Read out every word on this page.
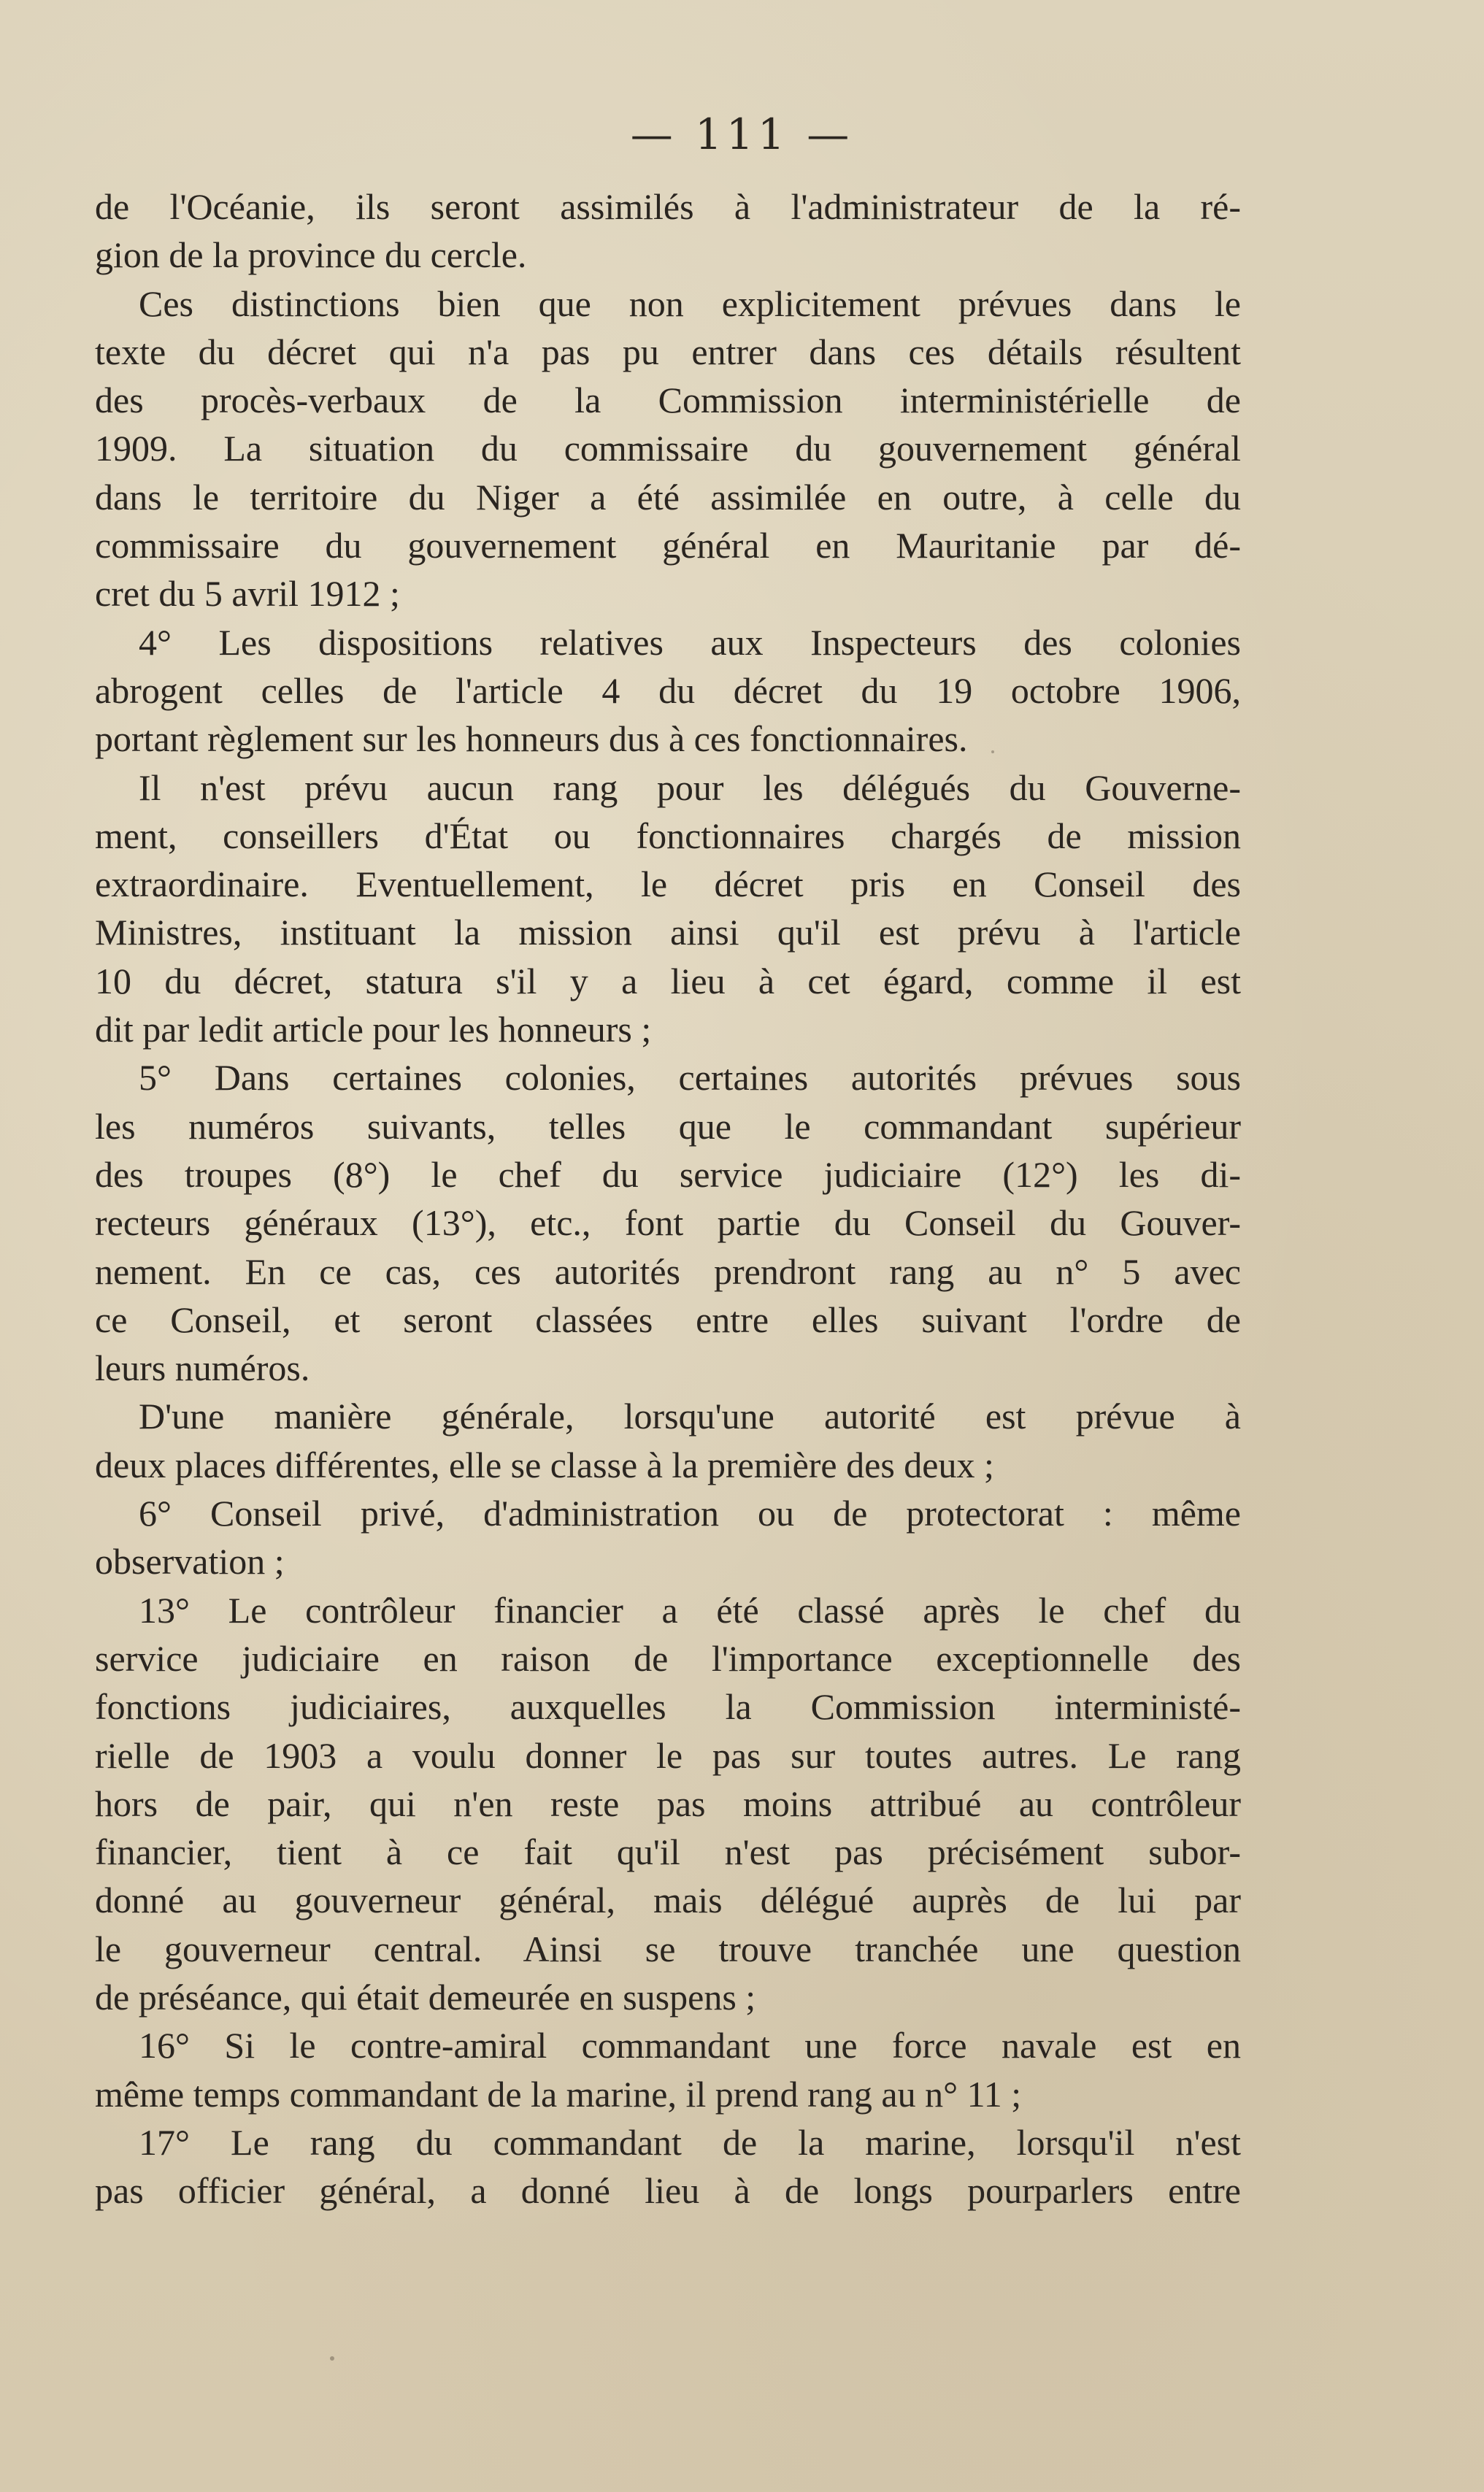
— 111 —
de l'Océanie, ils seront assimilés à l'administrateur de la ré-
gion de la province du cercle.
Ces distinctions bien que non explicitement prévues dans le
texte du décret qui n'a pas pu entrer dans ces détails résultent
des procès-verbaux de la Commission interministérielle de
1909. La situation du commissaire du gouvernement général
dans le territoire du Niger a été assimilée en outre, à celle du
commissaire du gouvernement général en Mauritanie par dé-
cret du 5 avril 1912 ;
4° Les dispositions relatives aux Inspecteurs des colonies
abrogent celles de l'article 4 du décret du 19 octobre 1906,
portant règlement sur les honneurs dus à ces fonctionnaires.
Il n'est prévu aucun rang pour les délégués du Gouverne-
ment, conseillers d'État ou fonctionnaires chargés de mission
extraordinaire. Eventuellement, le décret pris en Conseil des
Ministres, instituant la mission ainsi qu'il est prévu à l'article
10 du décret, statura s'il y a lieu à cet égard, comme il est
dit par ledit article pour les honneurs ;
5° Dans certaines colonies, certaines autorités prévues sous
les numéros suivants, telles que le commandant supérieur
des troupes (8°) le chef du service judiciaire (12°) les di-
recteurs généraux (13°), etc., font partie du Conseil du Gouver-
nement. En ce cas, ces autorités prendront rang au n° 5 avec
ce Conseil, et seront classées entre elles suivant l'ordre de
leurs numéros.
D'une manière générale, lorsqu'une autorité est prévue à
deux places différentes, elle se classe à la première des deux ;
6° Conseil privé, d'administration ou de protectorat : même
observation ;
13° Le contrôleur financier a été classé après le chef du
service judiciaire en raison de l'importance exceptionnelle des
fonctions judiciaires, auxquelles la Commission interministé-
rielle de 1903 a voulu donner le pas sur toutes autres. Le rang
hors de pair, qui n'en reste pas moins attribué au contrôleur
financier, tient à ce fait qu'il n'est pas précisément subor-
donné au gouverneur général, mais délégué auprès de lui par
le gouverneur central. Ainsi se trouve tranchée une question
de préséance, qui était demeurée en suspens ;
16° Si le contre-amiral commandant une force navale est en
même temps commandant de la marine, il prend rang au n° 11 ;
17° Le rang du commandant de la marine, lorsqu'il n'est
pas officier général, a donné lieu à de longs pourparlers entre
